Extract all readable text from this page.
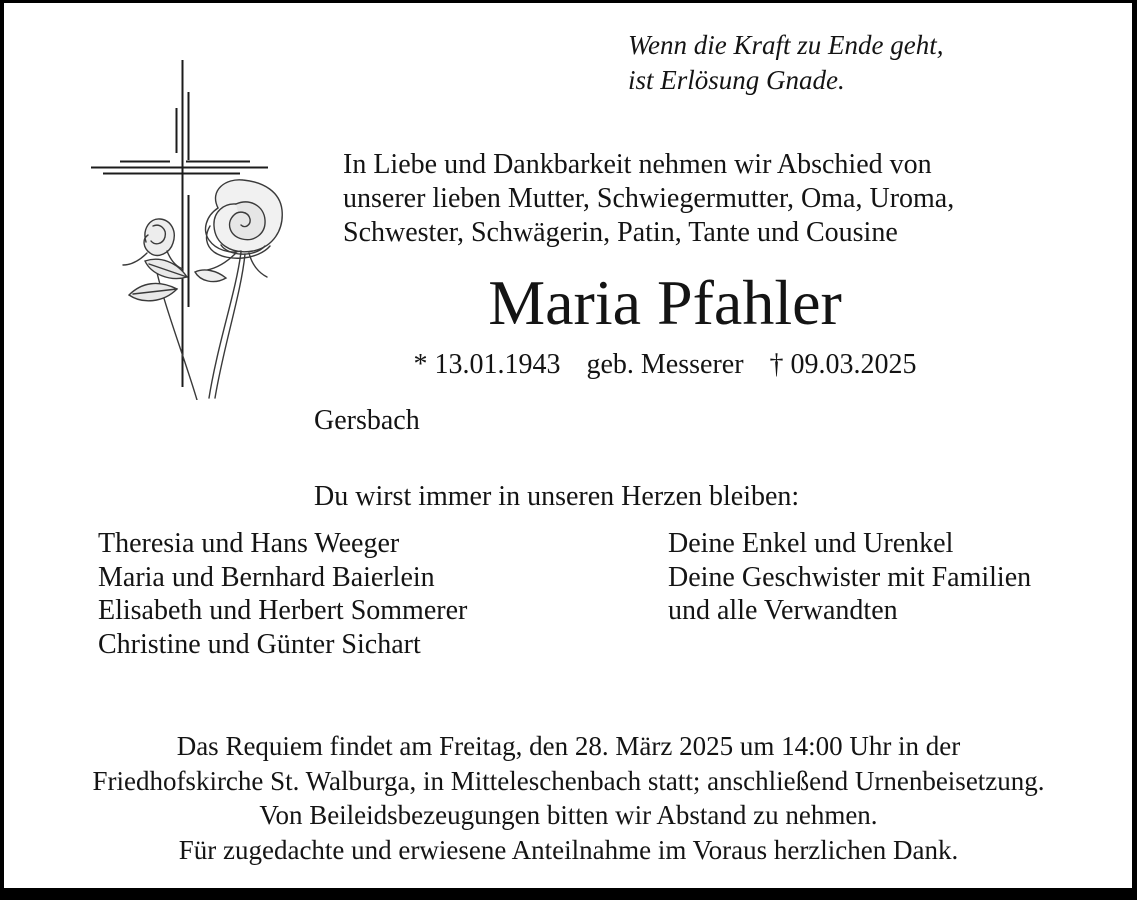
Wenn die Kraft zu Ende geht,
ist Erlösung Gnade.
In Liebe und Dankbarkeit nehmen wir Abschied von
unserer lieben Mutter, Schwiegermutter, Oma, Uroma,
Schwester, Schwägerin, Patin, Tante und Cousine
Maria Pfahler
* 13.01.1943 geb. Messerer † 09.03.2025
Gersbach
Du wirst immer in unseren Herzen bleiben:
Theresia und Hans Weeger
Maria und Bernhard Baierlein
Elisabeth und Herbert Sommerer
Christine und Günter Sichart
Deine Enkel und Urenkel
Deine Geschwister mit Familien
und alle Verwandten
Das Requiem findet am Freitag, den 28. März 2025 um 14:00 Uhr in der
Friedhofskirche St. Walburga, in Mitteleschenbach statt; anschließend Urnenbeisetzung.
Von Beileidsbezeugungen bitten wir Abstand zu nehmen.
Für zugedachte und erwiesene Anteilnahme im Voraus herzlichen Dank.
